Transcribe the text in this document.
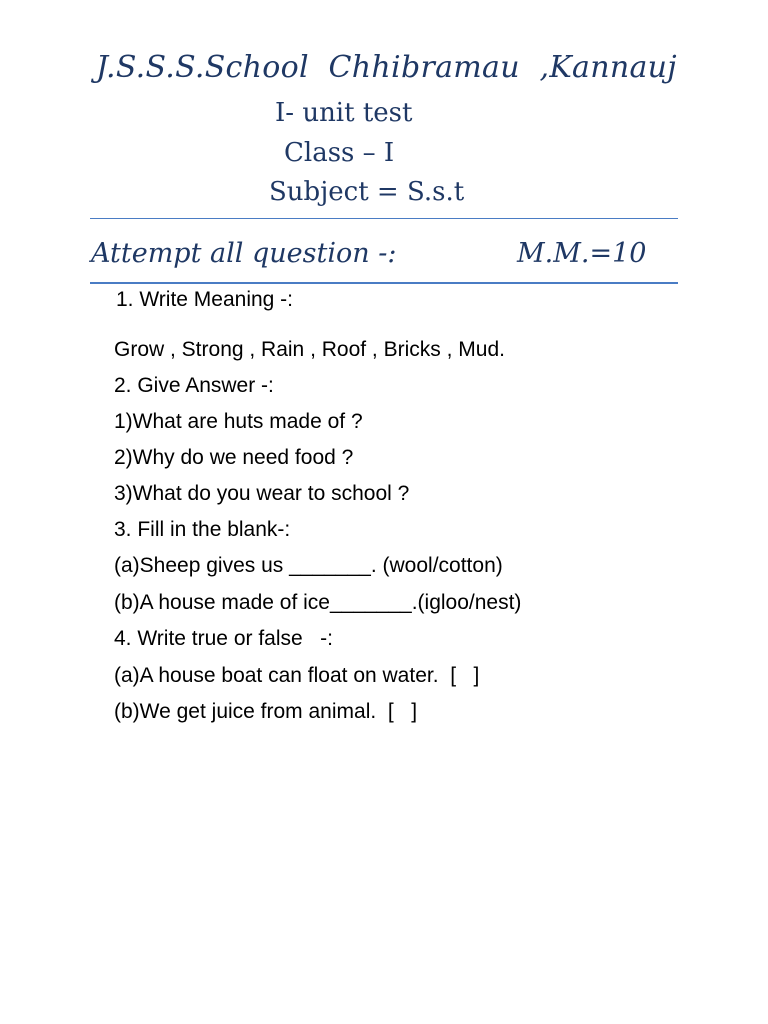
J.S.S.S.School  Chhibramau  ,Kannauj
I- unit test
Class – I
Subject = S.s.t
Attempt all question -:	M.M.=10
1. Write Meaning -:
Grow , Strong , Rain , Roof , Bricks , Mud.
2. Give Answer -:
1)What are huts made of ?
2)Why do we need food ?
3)What do you wear to school ?
3. Fill in the blank-:
(a)Sheep gives us _______. (wool/cotton)
(b)A house made of ice_______.(igloo/nest)
4. Write true or false   -:
(a)A house boat can float on water.  [   ]
(b)We get juice from animal.  [   ]
